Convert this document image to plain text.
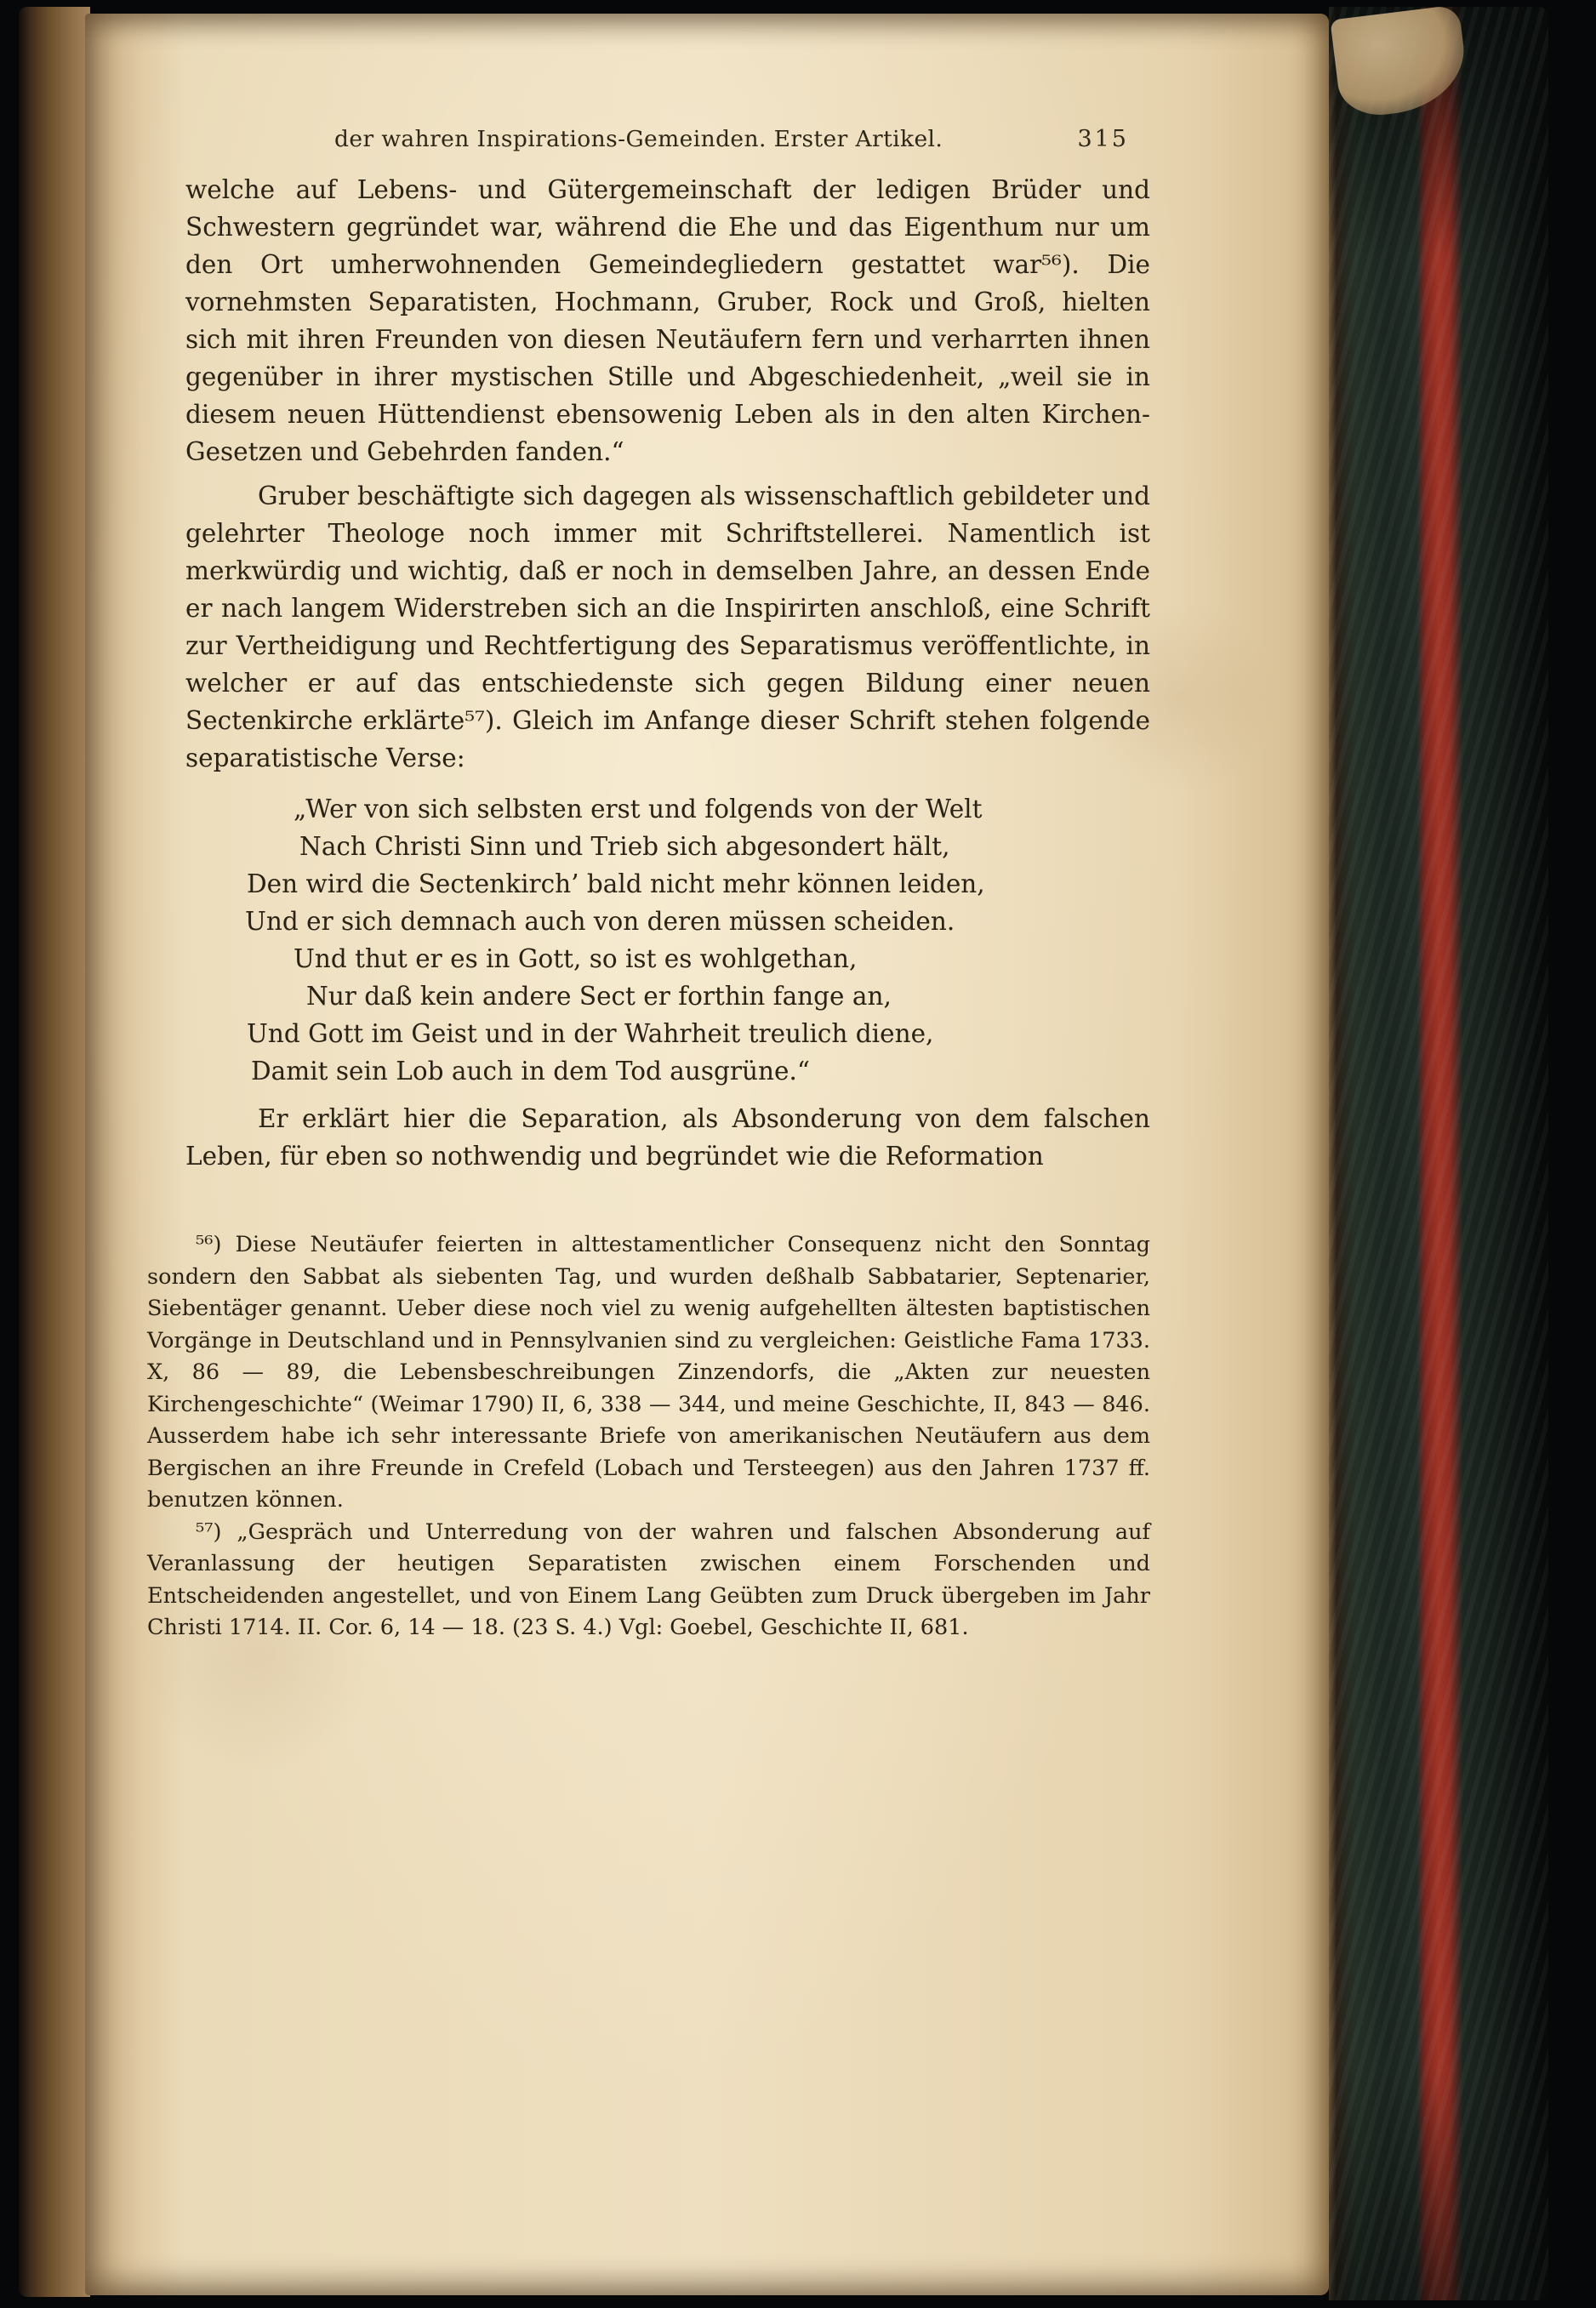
der wahren Inspirations-Gemeinden. Erster Artikel.	315

welche auf Lebens- und Gütergemeinschaft der ledigen Brüder und Schwestern gegründet war, während die Ehe und das Eigenthum nur um den Ort umherwohnenden Gemeindegliedern gestattet war⁵⁶). Die vornehmsten Separatisten, Hochmann, Gruber, Rock und Groß, hielten sich mit ihren Freunden von diesen Neutäufern fern und verharrten ihnen gegenüber in ihrer mystischen Stille und Abgeschiedenheit, „weil sie in diesem neuen Hüttendienst ebensowenig Leben als in den alten Kirchen-Gesetzen und Gebehrden fanden.“

Gruber beschäftigte sich dagegen als wissenschaftlich gebildeter und gelehrter Theologe noch immer mit Schriftstellerei. Namentlich ist merkwürdig und wichtig, daß er noch in demselben Jahre, an dessen Ende er nach langem Widerstreben sich an die Inspirirten anschloß, eine Schrift zur Vertheidigung und Rechtfertigung des Separatismus veröffentlichte, in welcher er auf das entschiedenste sich gegen Bildung einer neuen Sectenkirche erklärte⁵⁷). Gleich im Anfange dieser Schrift stehen folgende separatistische Verse:

„Wer von sich selbsten erst und folgends von der Welt

Nach Christi Sinn und Trieb sich abgesondert hält,

Den wird die Sectenkirch’ bald nicht mehr können leiden,

Und er sich demnach auch von deren müssen scheiden.

Und thut er es in Gott, so ist es wohlgethan,

Nur daß kein andere Sect er forthin fange an,

Und Gott im Geist und in der Wahrheit treulich diene,

Damit sein Lob auch in dem Tod ausgrüne.“

Er erklärt hier die Separation, als Absonderung von dem falschen Leben, für eben so nothwendig und begründet wie die Reformation

⁵⁶) Diese Neutäufer feierten in alttestamentlicher Consequenz nicht den Sonntag sondern den Sabbat als siebenten Tag, und wurden deßhalb Sabbatarier, Septenarier, Siebentäger genannt. Ueber diese noch viel zu wenig aufgehellten ältesten baptistischen Vorgänge in Deutschland und in Pennsylvanien sind zu vergleichen: Geistliche Fama 1733. X, 86 — 89, die Lebensbeschreibungen Zinzendorfs, die „Akten zur neuesten Kirchengeschichte“ (Weimar 1790) II, 6, 338 — 344, und meine Geschichte, II, 843 — 846. Ausserdem habe ich sehr interessante Briefe von amerikanischen Neutäufern aus dem Bergischen an ihre Freunde in Crefeld (Lobach und Tersteegen) aus den Jahren 1737 ff. benutzen können.

⁵⁷) „Gespräch und Unterredung von der wahren und falschen Absonderung auf Veranlassung der heutigen Separatisten zwischen einem Forschenden und Entscheidenden angestellet, und von Einem Lang Geübten zum Druck übergeben im Jahr Christi 1714. II. Cor. 6, 14 — 18. (23 S. 4.) Vgl: Goebel, Geschichte II, 681.
